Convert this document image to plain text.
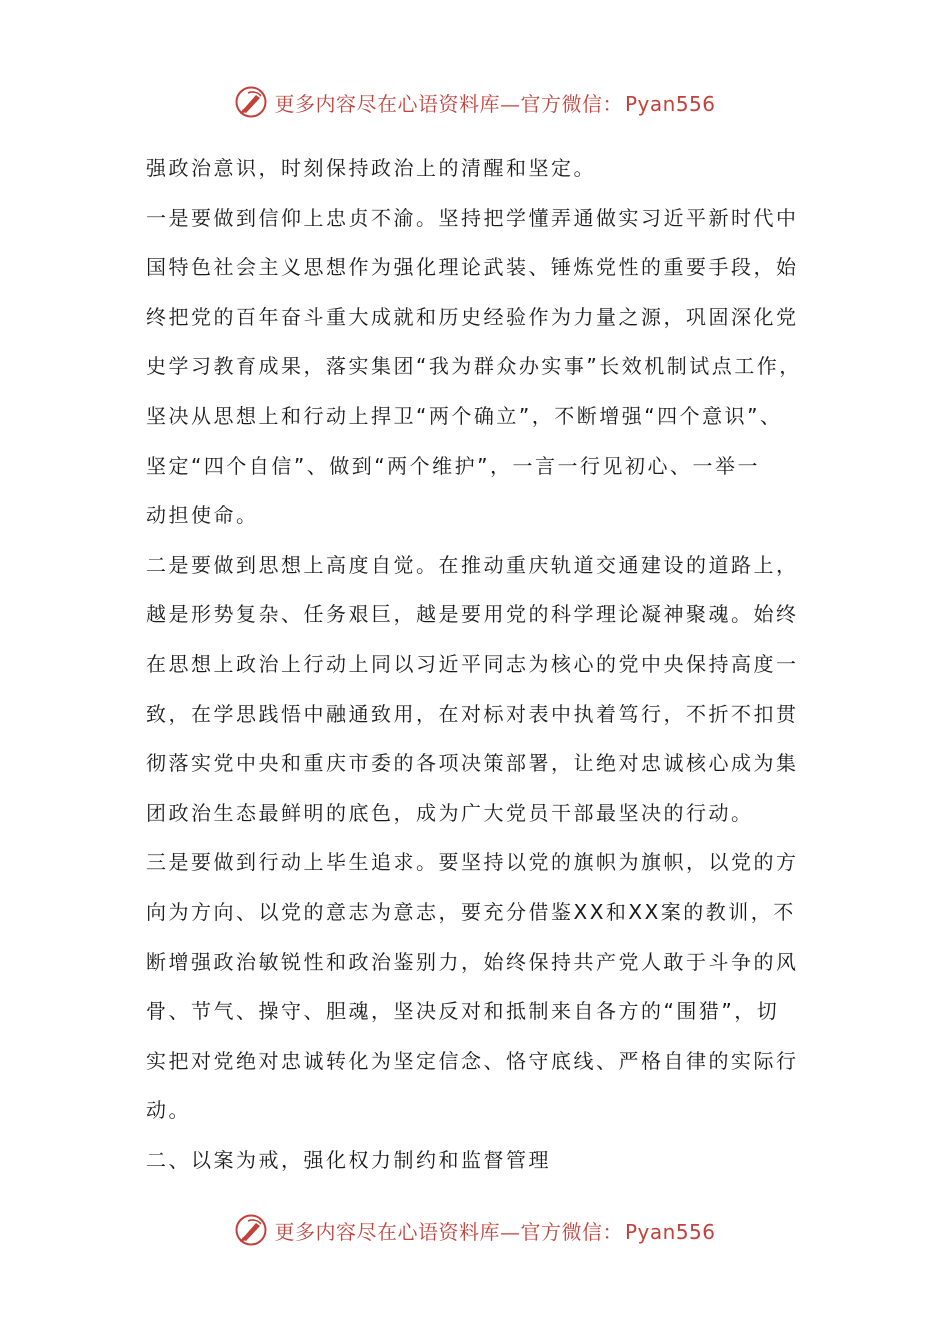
更多内容尽在心语资料库—官方微信： Pyan556
强政治意识，时刻保持政治上的清醒和坚定。
一是要做到信仰上忠贞不渝。坚持把学懂弄通做实习近平新时代中
国特色社会主义思想作为强化理论武装、锤炼党性的重要手段，始
终把党的百年奋斗重大成就和历史经验作为力量之源，巩固深化党
史学习教育成果，落实集团“我为群众办实事”长效机制试点工作，
坚决从思想上和行动上捍卫“两个确立”，不断增强“四个意识”、
坚定“四个自信”、做到“两个维护”，一言一行见初心、一举一
动担使命。
二是要做到思想上高度自觉。在推动重庆轨道交通建设的道路上，
越是形势复杂、任务艰巨，越是要用党的科学理论凝神聚魂。始终
在思想上政治上行动上同以习近平同志为核心的党中央保持高度一
致，在学思践悟中融通致用，在对标对表中执着笃行，不折不扣贯
彻落实党中央和重庆市委的各项决策部署，让绝对忠诚核心成为集
团政治生态最鲜明的底色，成为广大党员干部最坚决的行动。
三是要做到行动上毕生追求。要坚持以党的旗帜为旗帜，以党的方
向为方向、以党的意志为意志，要充分借鉴XX和XX案的教训，不
断增强政治敏锐性和政治鉴别力，始终保持共产党人敢于斗争的风
骨、节气、操守、胆魂，坚决反对和抵制来自各方的“围猎”，切
实把对党绝对忠诚转化为坚定信念、恪守底线、严格自律的实际行
动。
二、以案为戒，强化权力制约和监督管理
更多内容尽在心语资料库—官方微信： Pyan556
